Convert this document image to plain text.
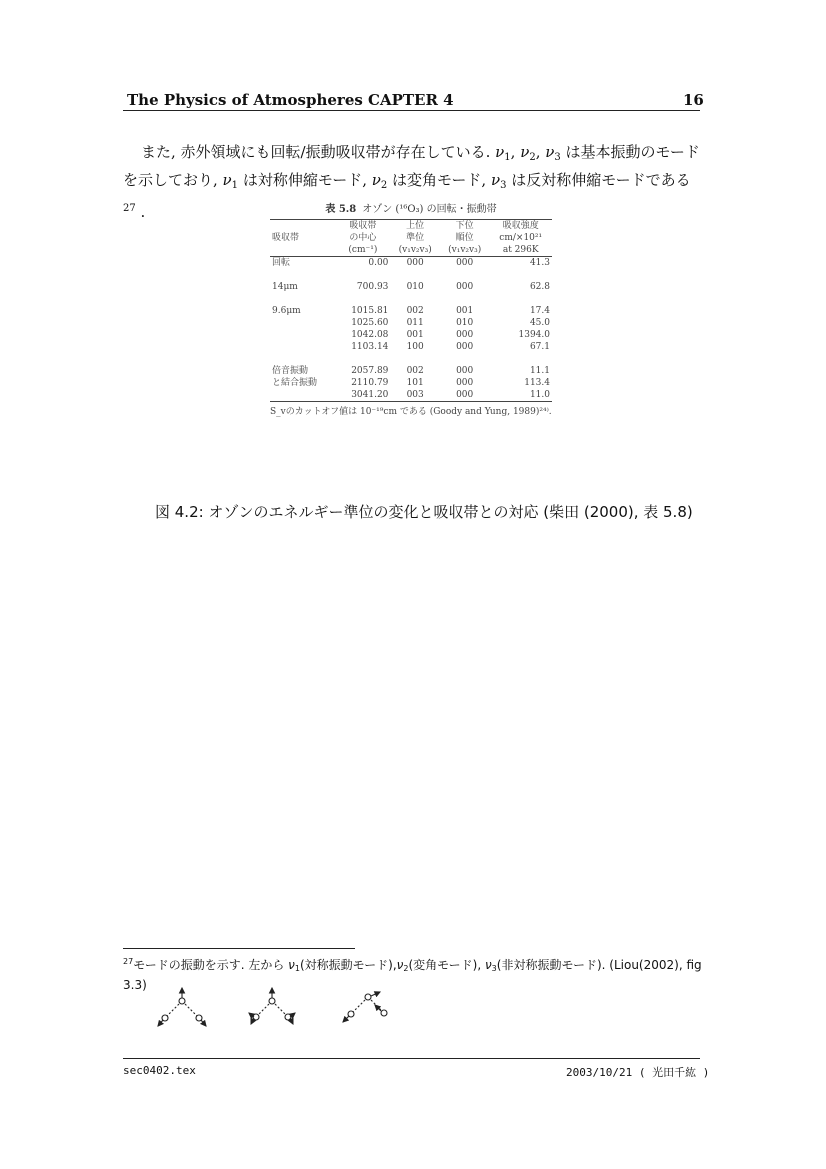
The Physics of Atmospheres CAPTER 4	16

また, 赤外領域にも回転/振動吸収帯が存在している. $\nu_1$, $\nu_2$, $\nu_3$ は基本振動のモードを示しており, $\nu_1$ は対称伸縮モード, $\nu_2$ は変角モード, $\nu_3$ は反対称伸縮モードである$^{27}$ .	表 5.8 オゾン (¹⁶O₃) の回転・振動帯
	吸収帯	上位	下位	吸収強度
吸収帯	の中心	準位	順位	cm/×10²¹
	(cm⁻¹)	(v₁v₂v₃)	(v₁v₂v₃)	at 296K
回転	0.00	000	000	41.3

14μm	700.93	010	000	62.8

9.6μm	1015.81	002	001	17.4
	1025.60	011	010	45.0
	1042.08	001	000	1394.0
	1103.14	100	000	67.1

倍音振動	2057.89	002	000	11.1
と結合振動	2110.79	101	000	113.4
	3041.20	003	000	11.0
S_vのカットオフ値は 10⁻¹⁹cm である (Goody and Yung, 1989)²⁴⁾.
図 4.2: オゾンのエネルギー準位の変化と吸収帯との対応 (柴田 (2000), 表 5.8)
$^{27}$モードの振動を示す. 左から $\nu_1$(対称振動モード)$,\nu_2$(変角モード), $\nu_3$(非対称振動モード). (Liou(2002), fig 3.3)
sec0402.tex	2003/10/21 ( 光田千紘 )
